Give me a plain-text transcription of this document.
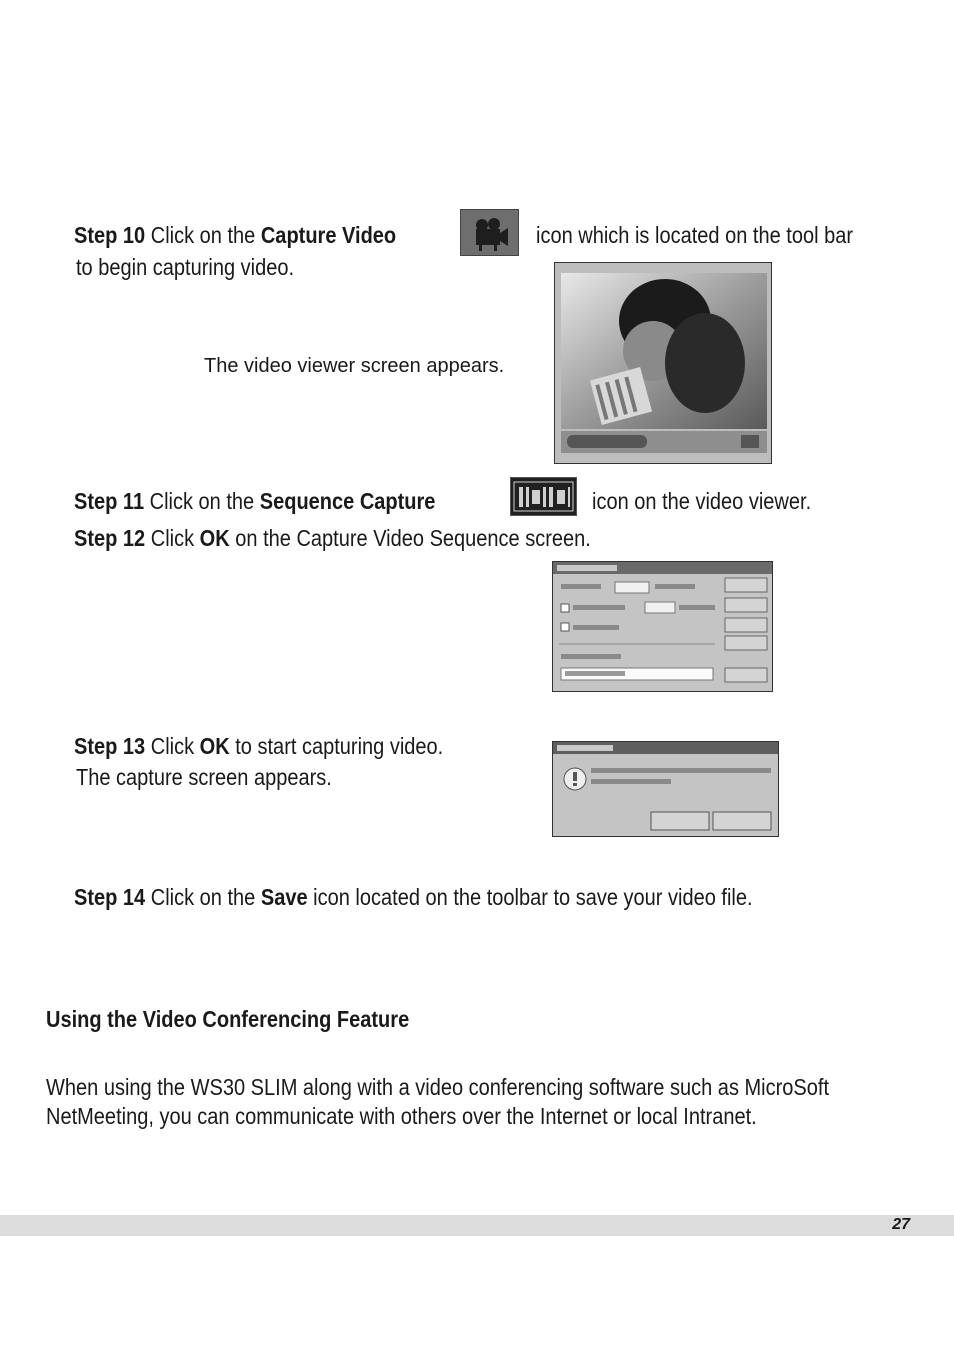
Step 10 Click on the Capture Video	icon which is located on the tool bar
to begin capturing video.
The video viewer screen appears.
Step 11 Click on the Sequence Capture	icon on the video viewer.
Step 12 Click OK on the Capture Video Sequence screen.
Step 13 Click OK to start capturing video.
The capture screen appears.
Step 14 Click on the Save icon located on the toolbar to save your video file.
Using the Video Conferencing Feature
When using the WS30 SLIM along with a video conferencing software such as MicroSoft
NetMeeting, you can communicate with others over the Internet or local Intranet.
27
